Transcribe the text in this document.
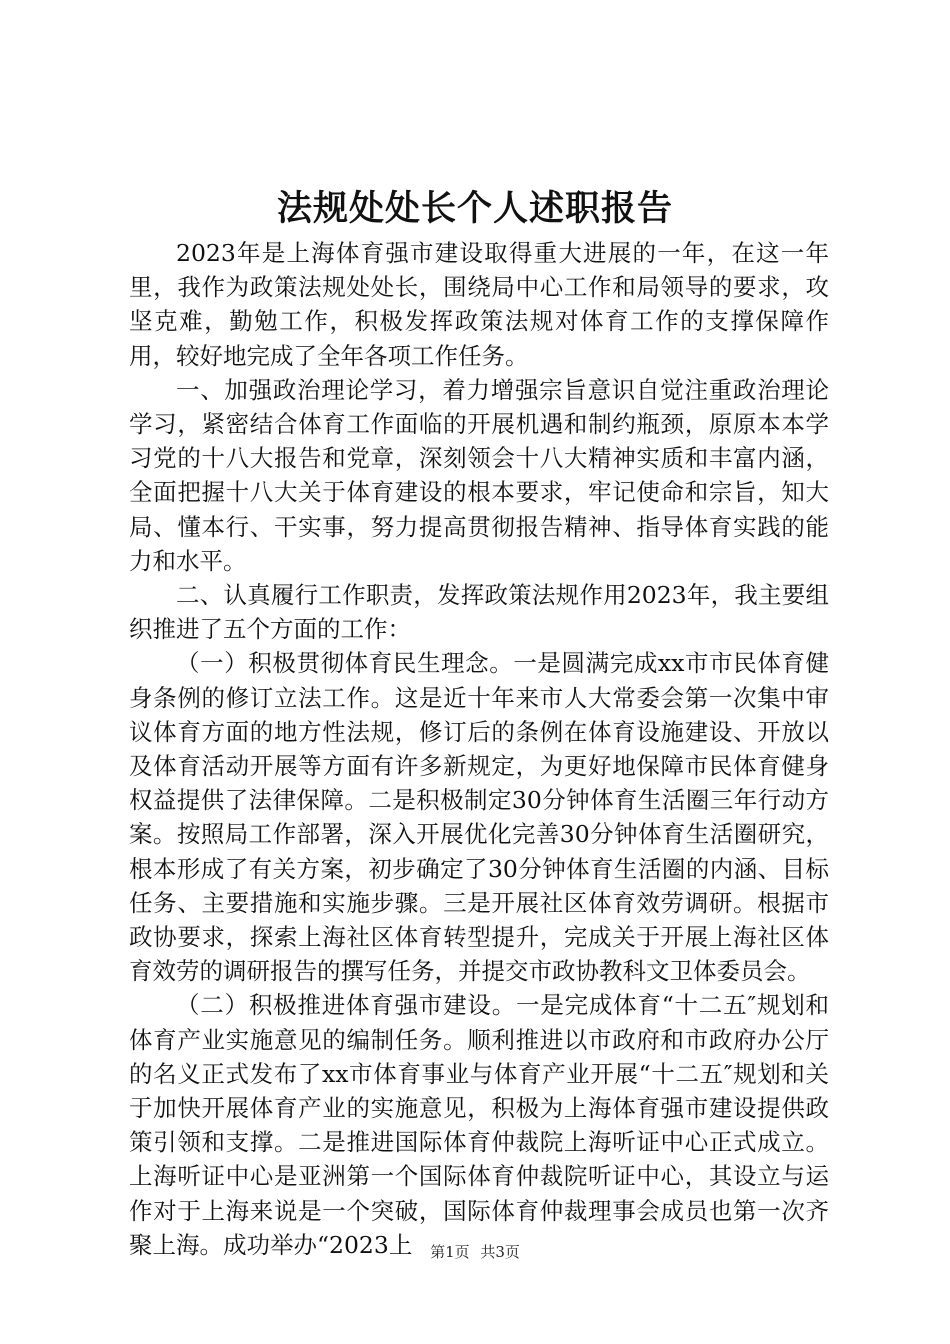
法规处处长个人述职报告

2023年是上海体育强市建设取得重大进展的一年，在这一年里，我作为政策法规处处长，围绕局中心工作和局领导的要求，攻坚克难，勤勉工作，积极发挥政策法规对体育工作的支撑保障作用，较好地完成了全年各项工作任务。

一、加强政治理论学习，着力增强宗旨意识自觉注重政治理论学习，紧密结合体育工作面临的开展机遇和制约瓶颈，原原本本学习党的十八大报告和党章，深刻领会十八大精神实质和丰富内涵，全面把握十八大关于体育建设的根本要求，牢记使命和宗旨，知大局、懂本行、干实事，努力提高贯彻报告精神、指导体育实践的能力和水平。

二、认真履行工作职责，发挥政策法规作用2023年，我主要组织推进了五个方面的工作：

（一）积极贯彻体育民生理念。一是圆满完成xx市市民体育健身条例的修订立法工作。这是近十年来市人大常委会第一次集中审议体育方面的地方性法规，修订后的条例在体育设施建设、开放以及体育活动开展等方面有许多新规定，为更好地保障市民体育健身权益提供了法律保障。二是积极制定30分钟体育生活圈三年行动方案。按照局工作部署，深入开展优化完善30分钟体育生活圈研究，根本形成了有关方案，初步确定了30分钟体育生活圈的内涵、目标任务、主要措施和实施步骤。三是开展社区体育效劳调研。根据市政协要求，探索上海社区体育转型提升，完成关于开展上海社区体育效劳的调研报告的撰写任务，并提交市政协教科文卫体委员会。

（二）积极推进体育强市建设。一是完成体育“十二五″规划和体育产业实施意见的编制任务。顺利推进以市政府和市政府办公厅的名义正式发布了xx市体育事业与体育产业开展“十二五″规划和关于加快开展体育产业的实施意见，积极为上海体育强市建设提供政策引领和支撑。二是推进国际体育仲裁院上海听证中心正式成立。上海听证中心是亚洲第一个国际体育仲裁院听证中心，其设立与运作对于上海来说是一个突破，国际体育仲裁理事会成员也第一次齐聚上海。成功举办“2023上	第1页 共3页
